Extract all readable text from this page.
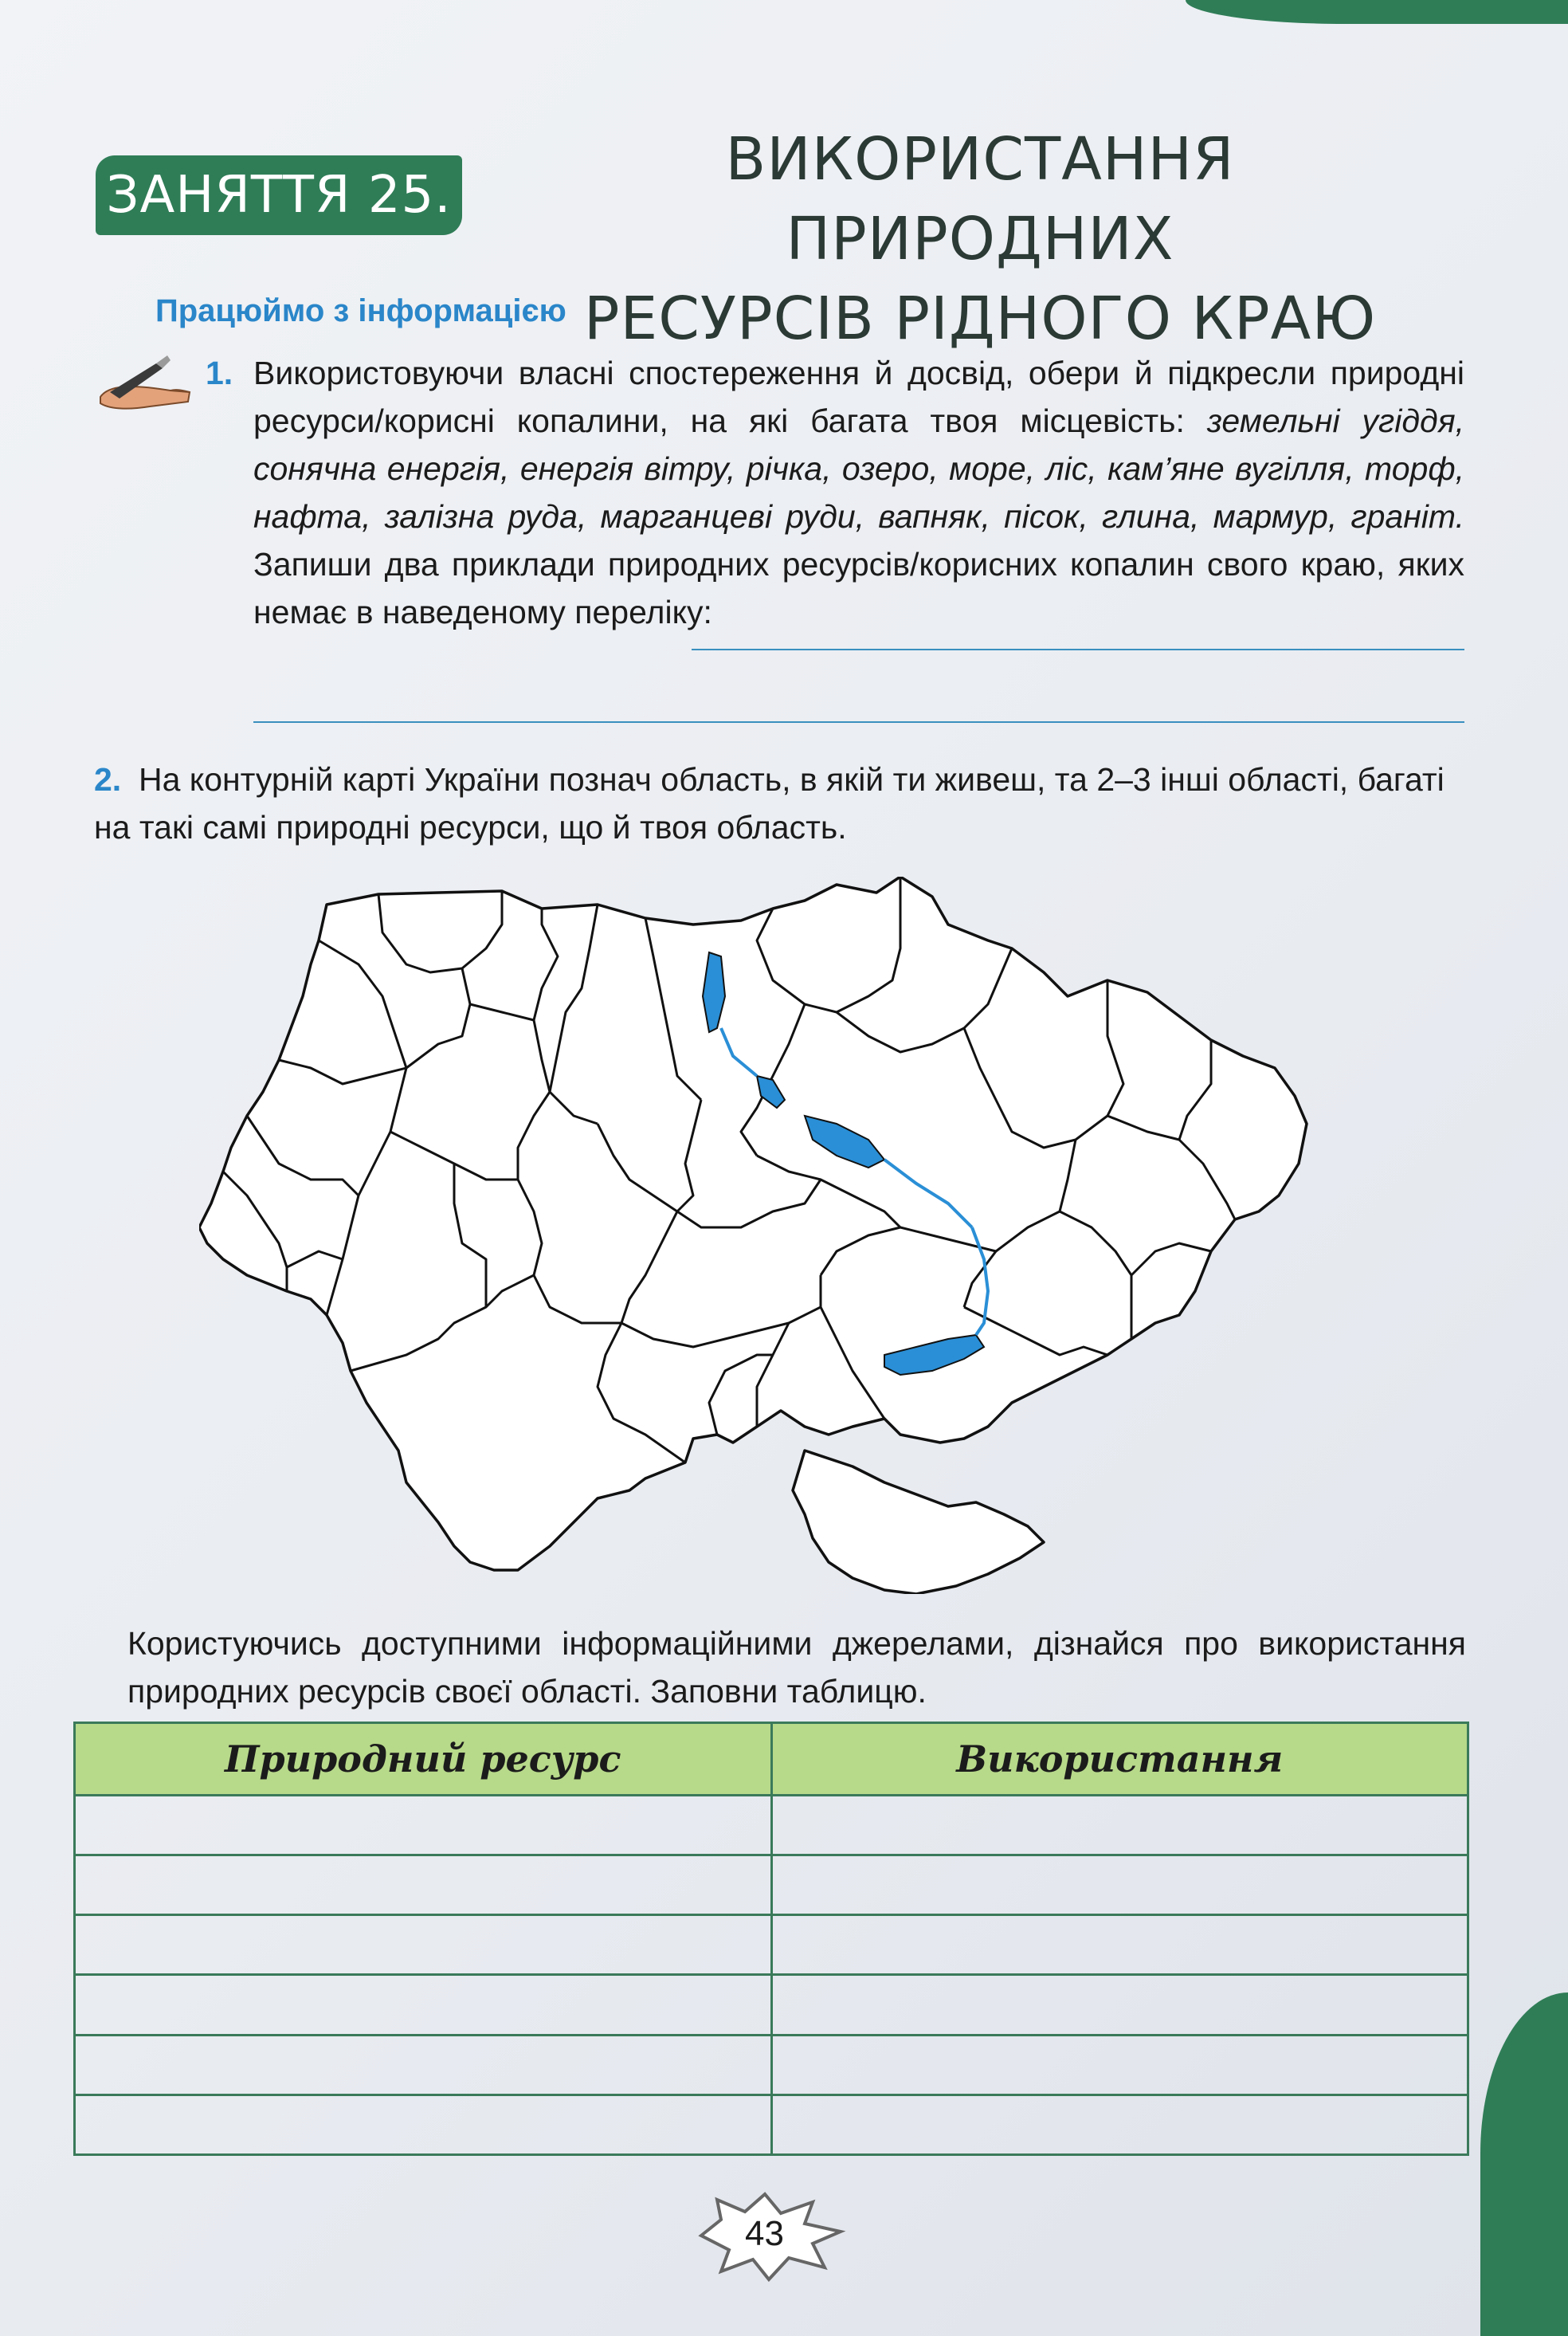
ЗАНЯТТЯ 25.
ВИКОРИСТАННЯ ПРИРОДНИХ
РЕСУРСІВ РІДНОГО КРАЮ
Працюймо з інформацією
1. Використовуючи власні спостереження й досвід, обери й підкресли природні ресурси/корисні копалини, на які багата твоя місцевість: земельні угіддя, сонячна енергія, енергія вітру, річка, озеро, море, ліс, кам’яне вугілля, торф, нафта, залізна руда, марганцеві руди, вапняк, пісок, глина, мармур, граніт. Запиши два приклади природних ресурсів/корисних копалин свого краю, яких немає в наведеному переліку:
2. На контурній карті України познач область, в якій ти живеш, та 2–3 інші області, багаті на такі самі природні ресурси, що й твоя область.
Користуючись доступними інформаційними джерелами, дізнайся про використання природних ресурсів своєї області. Заповни таблицю.
Природний ресурс	Використання

43
